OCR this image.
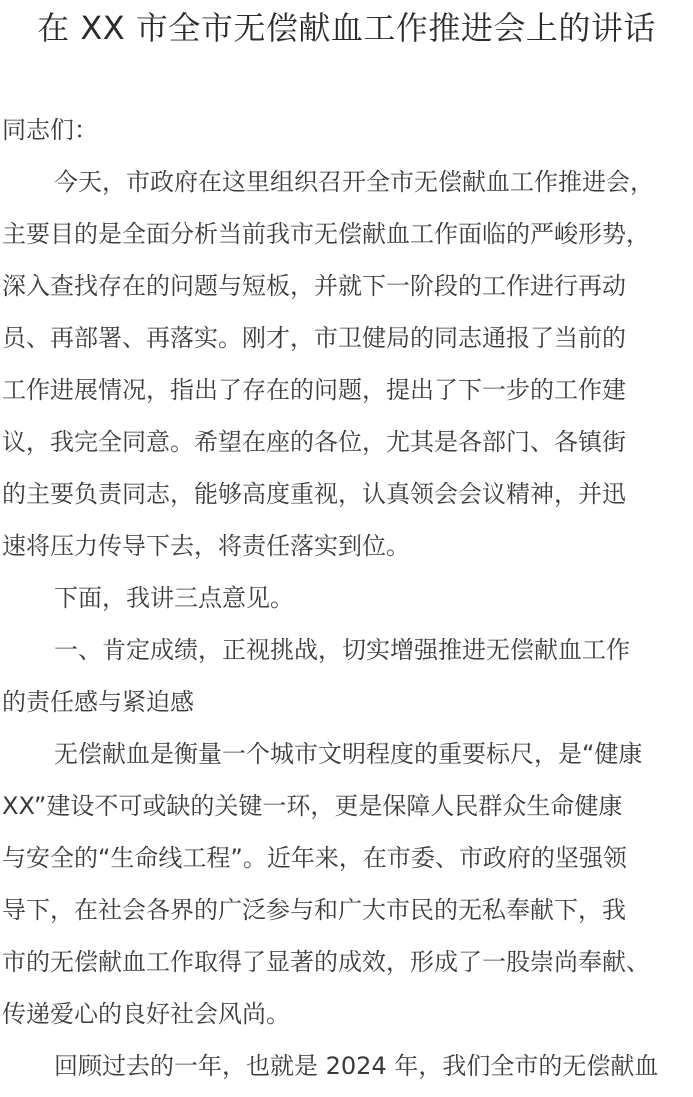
在 XX 市全市无偿献血工作推进会上的讲话
同志们：
今天，市政府在这里组织召开全市无偿献血工作推进会，
主要目的是全面分析当前我市无偿献血工作面临的严峻形势，
深入查找存在的问题与短板，并就下一阶段的工作进行再动
员、再部署、再落实。刚才，市卫健局的同志通报了当前的
工作进展情况，指出了存在的问题，提出了下一步的工作建
议，我完全同意。希望在座的各位，尤其是各部门、各镇街
的主要负责同志，能够高度重视，认真领会会议精神，并迅
速将压力传导下去，将责任落实到位。
下面，我讲三点意见。
一、肯定成绩，正视挑战，切实增强推进无偿献血工作
的责任感与紧迫感
无偿献血是衡量一个城市文明程度的重要标尺，是“健康
XX”建设不可或缺的关键一环，更是保障人民群众生命健康
与安全的“生命线工程”。近年来，在市委、市政府的坚强领
导下，在社会各界的广泛参与和广大市民的无私奉献下，我
市的无偿献血工作取得了显著的成效，形成了一股崇尚奉献、
传递爱心的良好社会风尚。
回顾过去的一年，也就是 2024 年，我们全市的无偿献血
